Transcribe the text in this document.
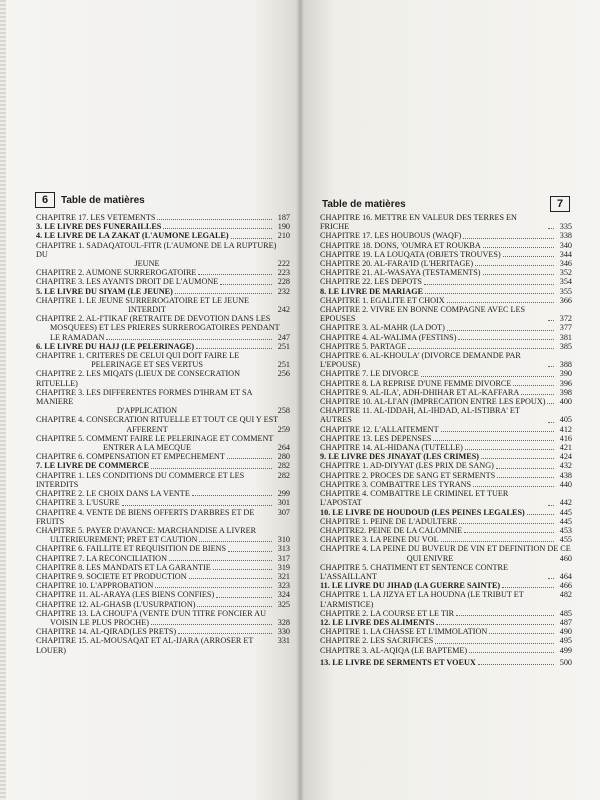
6	Table de matières	Table de matières	7
CHAPITRE 17. LES VETEMENTS	187
3. LE LIVRE DES FUNERAILLES	190
4. LE LIVRE DE LA ZAKAT (L'AUMONE LEGALE)	210
CHAPITRE 1. SADAQATOUL-FITR (L'AUMONE DE LA RUPTURE) DU
JEUNE	222
CHAPITRE 2. AUMONE SURREROGATOIRE	223
CHAPITRE 3. LES AYANTS DROIT DE L'AUMONE	228
5. LE LIVRE DU SIYAM (LE JEUNE)	232
CHAPITRE 1. LE JEUNE SURREROGATOIRE ET LE JEUNE
INTERDIT	242
CHAPITRE 2. AL-I'TIKAF (RETRAITE DE DEVOTION DANS LES
MOSQUEES) ET LES PRIERES SURREROGATOIRES PENDANT
LE RAMADAN	247
6. LE LIVRE DU HAJJ (LE PELERINAGE)	251
CHAPITRE 1. CRITERES DE CELUI QUI DOIT FAIRE LE
PELERINAGE ET SES VERTUS	251
CHAPITRE 2. LES MIQATS (LIEUX DE CONSECRATION RITUELLE)
256
CHAPITRE 3. LES DIFFERENTES FORMES D'IHRAM ET SA MANIERE
D'APPLICATION	258
CHAPITRE 4. CONSECRATION RITUELLE ET TOUT CE QUI Y EST
AFFERENT	259
CHAPITRE 5. COMMENT FAIRE LE PELERINAGE ET COMMENT
ENTRER A LA MECQUE	264
CHAPITRE 6. COMPENSATION ET EMPECHEMENT	280
7. LE LIVRE DE COMMERCE	282
CHAPITRE 1. LES CONDITIONS DU COMMERCE ET LES INTERDITS
282
CHAPITRE 2. LE CHOIX DANS LA VENTE	299
CHAPITRE 3. L'USURE	301
CHAPITRE 4. VENTE DE BIENS OFFERTS D'ARBRES ET DE FRUITS
307
CHAPITRE 5. PAYER D'AVANCE: MARCHANDISE A LIVRER
ULTERIEUREMENT; PRET ET CAUTION	310
CHAPITRE 6. FAILLITE ET REQUISITION DE BIENS	313
CHAPITRE 7. LA RECONCILIATION	317
CHAPITRE 8. LES MANDATS ET LA GARANTIE	319
CHAPITRE 9. SOCIETE ET PRODUCTION	321
CHAPITRE 10. L'APPROBATION	323
CHAPITRE 11. AL-ARAYA (LES BIENS CONFIES)	324
CHAPITRE 12. AL-GHASB (L'USURPATION)	325
CHAPITRE 13. LA CHOUF'A (VENTE D'UN TITRE FONCIER AU
VOISIN LE PLUS PROCHE)	328
CHAPITRE 14. AL-QIRAD(LES PRETS)	330
CHAPITRE 15. AL-MOUSAQAT ET AL-IJARA (ARROSER ET LOUER)
331
CHAPITRE 16. METTRE EN VALEUR DES TERRES EN FRICHE	335
CHAPITRE 17. LES HOUBOUS (WAQF)	338
CHAPITRE 18. DONS, 'OUMRA ET ROUKBA	340
CHAPITRE 19. LA LOUQATA (OBJETS TROUVES)	344
CHAPITRE 20. AL-FARA'ID (L'HERITAGE)	346
CHAPITRE 21. AL-WASAYA (TESTAMENTS)	352
CHAPITRE 22. LES DEPOTS	354
8. LE LIVRE DE MARIAGE	355
CHAPITRE 1. EGALITE ET CHOIX	366
CHAPITRE 2. VIVRE EN BONNE COMPAGNE AVEC LES EPOUSES	372
CHAPITRE 3. AL-MAHR (LA DOT)	377
CHAPITRE 4. AL-WALIMA (FESTINS)	381
CHAPITRE 5. PARTAGE	385
CHAPITRE 6. AL-KHOULA' (DIVORCE DEMANDE PAR L'EPOUSE)	388
CHAPITRE 7. LE DIVORCE	390
CHAPITRE 8. LA REPRISE D'UNE FEMME DIVORCE	396
CHAPITRE 9. AL-ILA', ADH-DHIHAR ET AL-KAFFARA	398
CHAPITRE 10. AL-LI'AN (IMPRECATION ENTRE LES EPOUX)	400
CHAPITRE 11. AL-IDDAH, AL-IHDAD, AL-ISTIBRA' ET AUTRES	405
CHAPITRE 12. L'ALLAITEMENT	412
CHAPITRE 13. LES DEPENSES	416
CHAPITRE 14. AL-HIDANA (TUTELLE)	421
9. LE LIVRE DES JINAYAT (LES CRIMES)	424
CHAPITRE 1. AD-DIYYAT (LES PRIX DE SANG)	432
CHAPITRE 2. PROCES DE SANG ET SERMENTS	438
CHAPITRE 3. COMBATTRE LES TYRANS	440
CHAPITRE 4. COMBATTRE LE CRIMINEL ET TUER L'APOSTAT	442
10. LE LIVRE DE HOUDOUD (LES PEINES LEGALES)	445
CHAPITRE 1. PEINE DE L'ADULTERE	445
CHAPITRE2. PEINE DE LA CALOMNIE	453
CHAPITRE 3. LA PEINE DU VOL	455
CHAPITRE 4. LA PEINE DU BUVEUR DE VIN ET DEFINITION DE CE
QUI ENIVRE	460
CHAPITRE 5. CHATIMENT ET SENTENCE CONTRE L'ASSAILLANT	464
11. LE LIVRE DU JIHAD (LA GUERRE SAINTE)	466
CHAPITRE 1. LA JIZYA ET LA HOUDNA (LE TRIBUT ET L'ARMISTICE)
482
CHAPITRE 2. LA COURSE ET LE TIR	485
12. LE LIVRE DES ALIMENTS	487
CHAPITRE 1. LA CHASSE ET L'IMMOLATION	490
CHAPITRE 2. LES SACRIFICES	495
CHAPITRE 3. AL-AQIQA (LE BAPTEME)	499
13. LE LIVRE DE SERMENTS ET VOEUX	500
